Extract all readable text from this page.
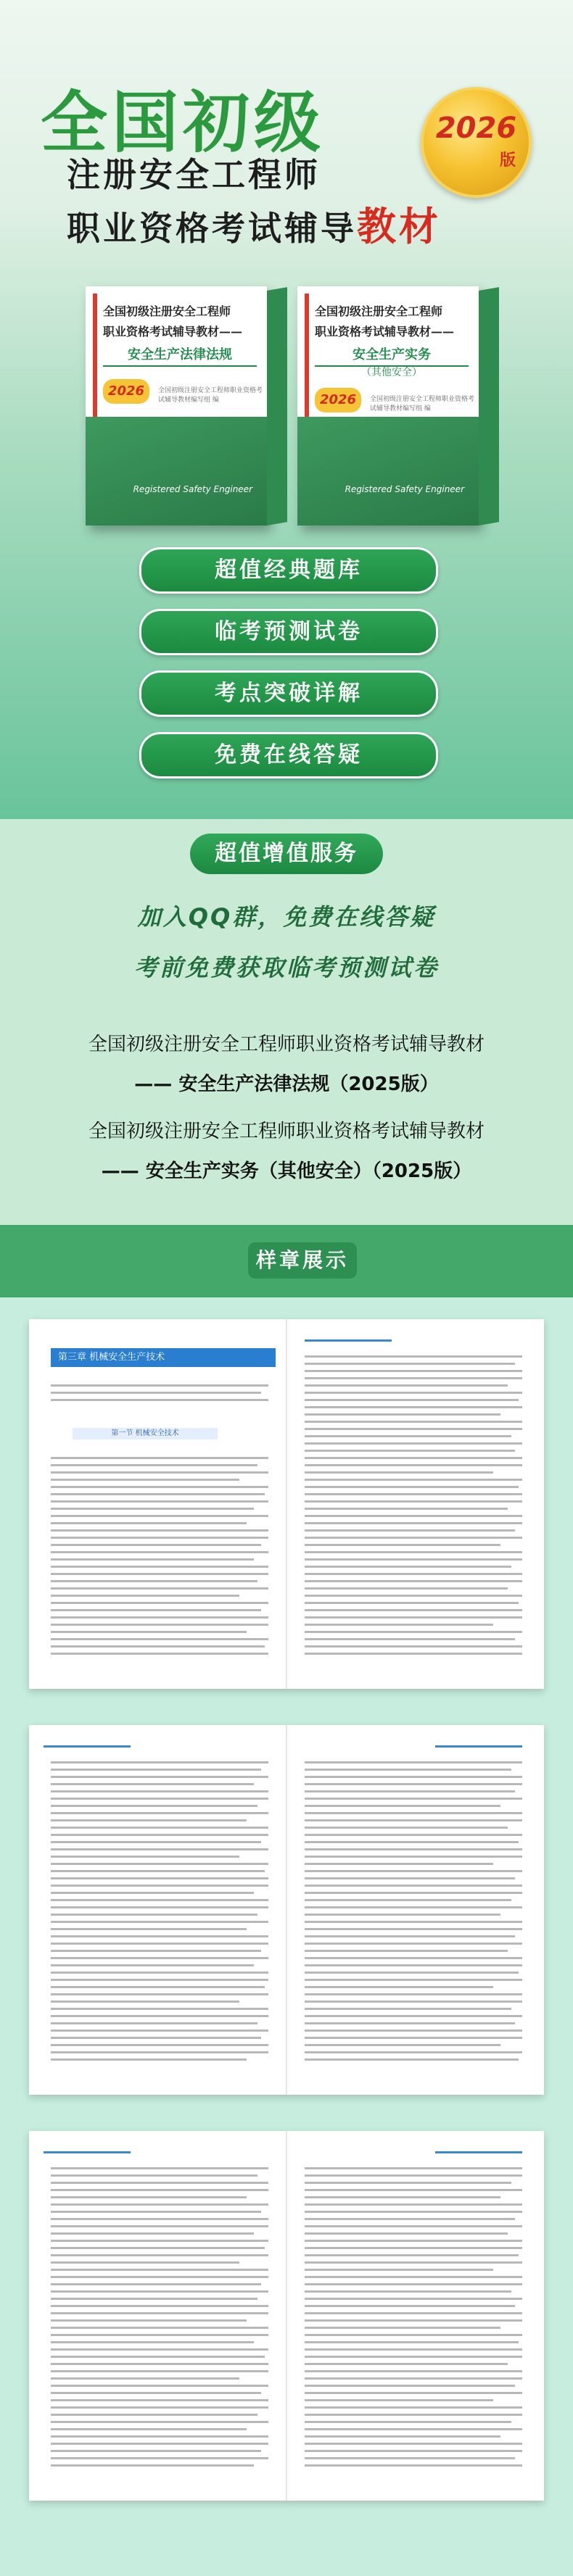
全国初级
注册安全工程师
职业资格考试辅导教材
2026
版
全国初级注册安全工程师
职业资格考试辅导教材——
安全生产法律法规
2026	全国初级注册安全工程师职业资格考试辅导教材编写组 编
Registered Safety Engineer
全国初级注册安全工程师
职业资格考试辅导教材——
安全生产实务
（其他安全）
2026	全国初级注册安全工程师职业资格考试辅导教材编写组 编
Registered Safety Engineer
超值经典题库
临考预测试卷
考点突破详解
免费在线答疑
超值增值服务
加入QQ群，免费在线答疑
考前免费获取临考预测试卷
全国初级注册安全工程师职业资格考试辅导教材
—— 安全生产法律法规（2025版）
全国初级注册安全工程师职业资格考试辅导教材
—— 安全生产实务（其他安全）（2025版）
样章展示
第三章 机械安全生产技术
第一节 机械安全技术
